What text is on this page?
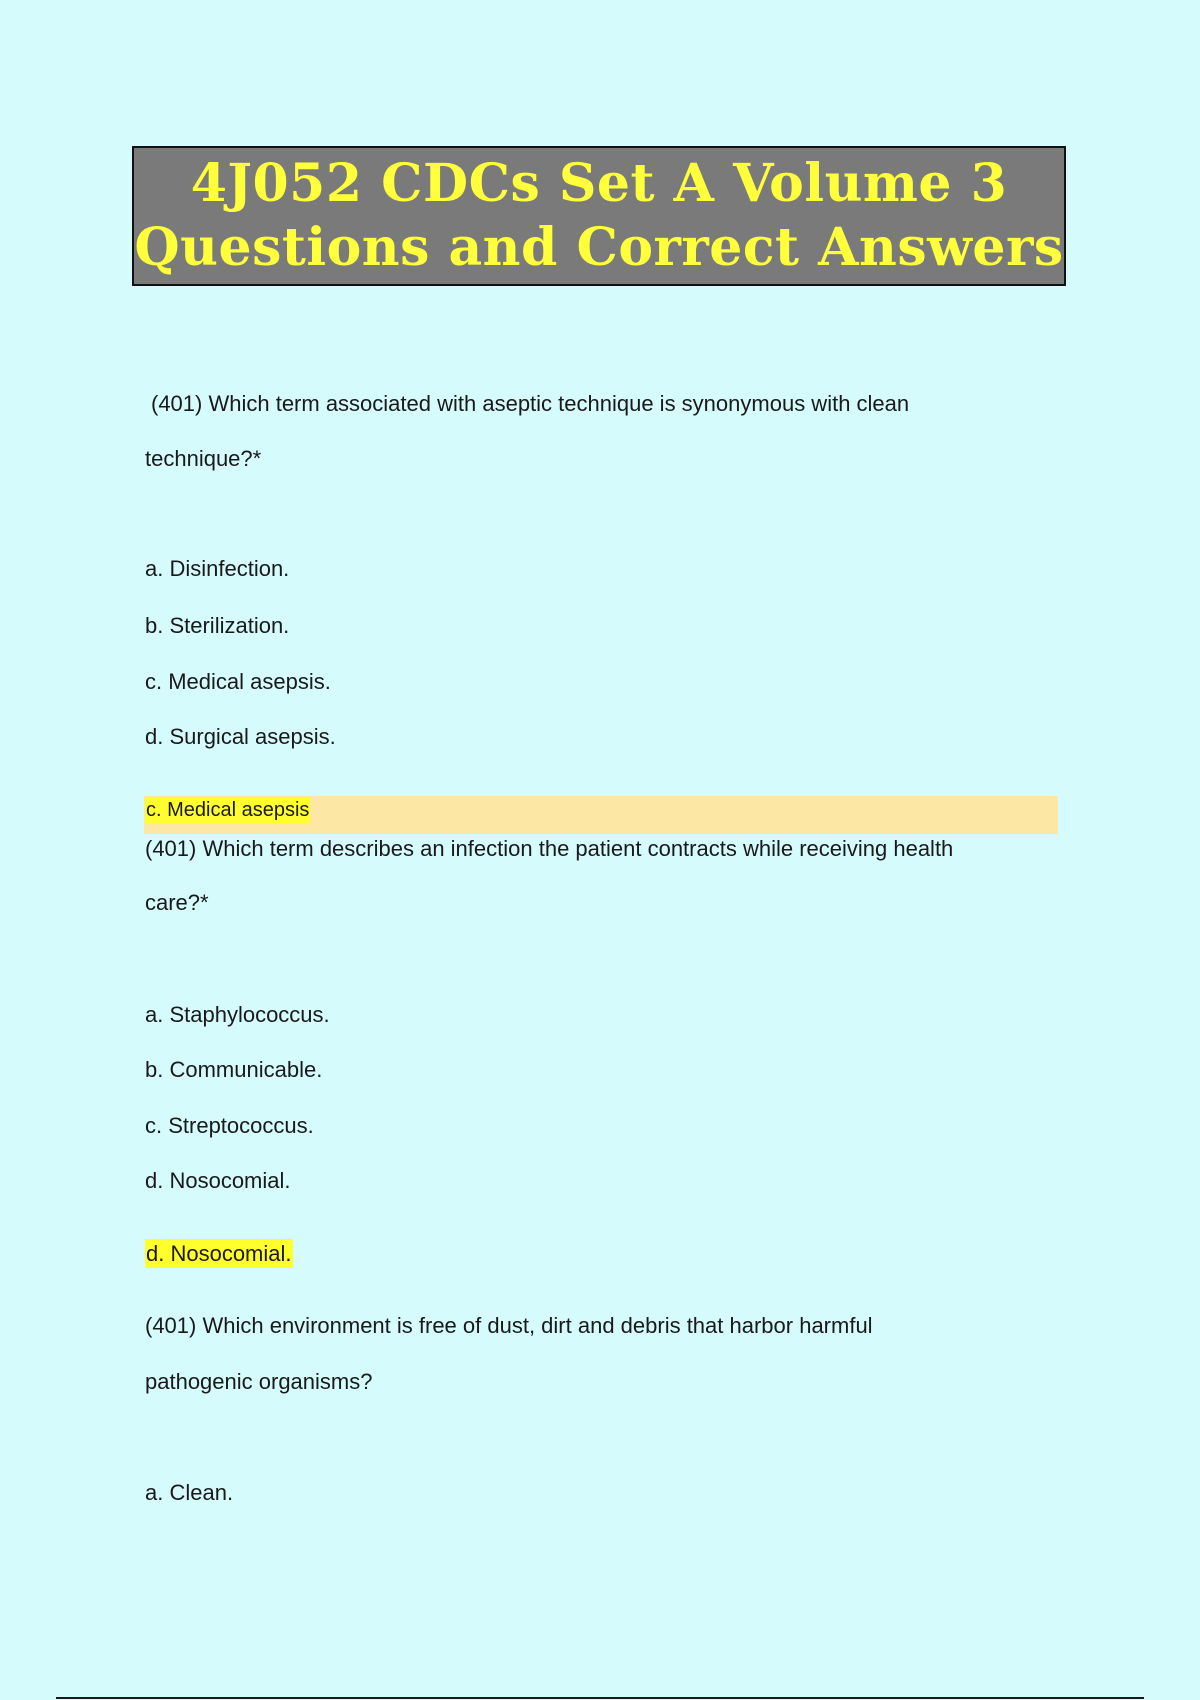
4J052 CDCs Set A Volume 3
Questions and Correct Answers
(401) Which term associated with aseptic technique is synonymous with clean
technique?*
a. Disinfection.
b. Sterilization.
c. Medical asepsis.
d. Surgical asepsis.
c. Medical asepsis
(401) Which term describes an infection the patient contracts while receiving health
care?*
a. Staphylococcus.
b. Communicable.
c. Streptococcus.
d. Nosocomial.
d. Nosocomial.
(401) Which environment is free of dust, dirt and debris that harbor harmful
pathogenic organisms?
a. Clean.
